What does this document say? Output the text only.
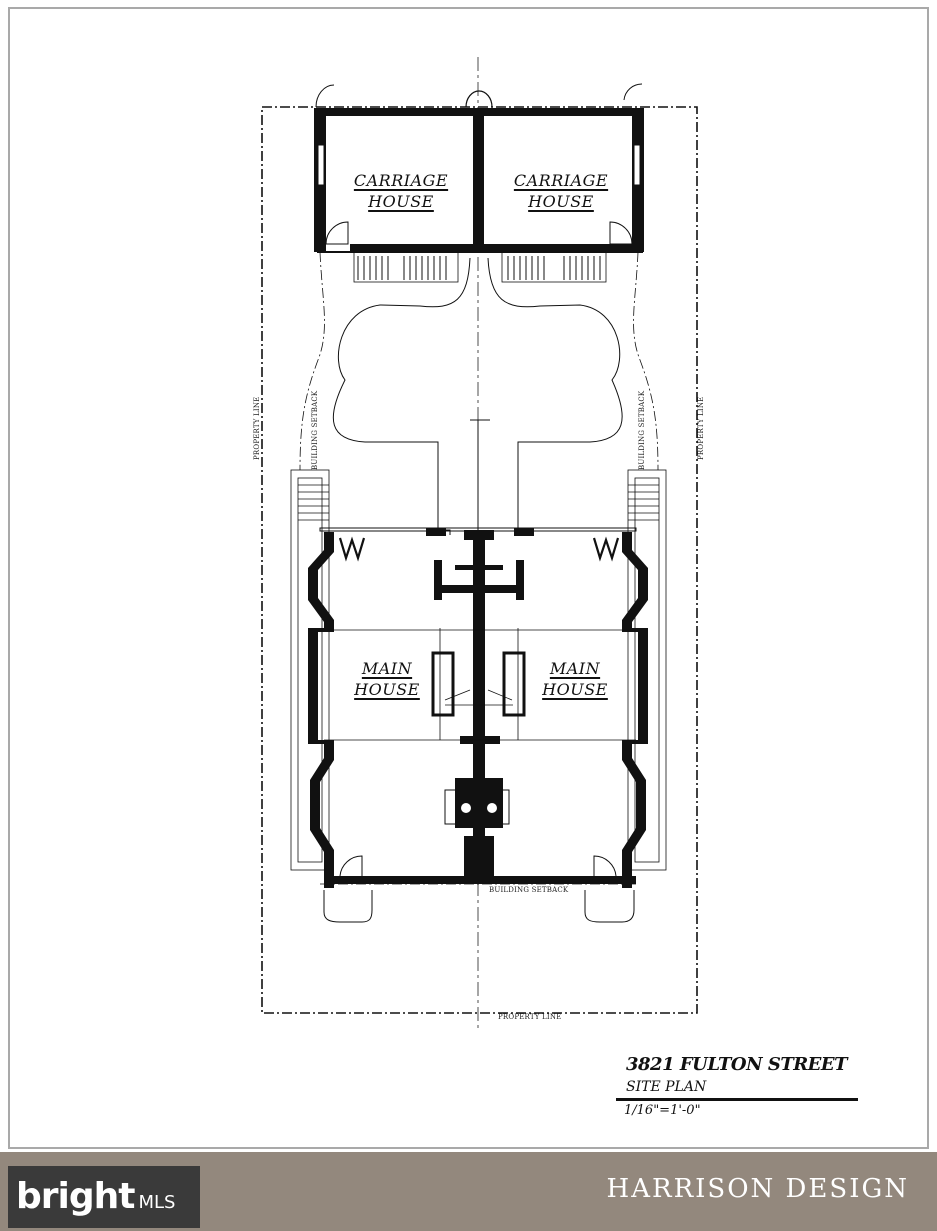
CARRIAGE
HOUSE
CARRIAGE
HOUSE
MAIN
HOUSE
MAIN
HOUSE
PROPERTY LINE	PROPERTY LINE
BUILDING SETBACK	BUILDING SETBACK
BUILDING SETBACK
PROPERTY LINE
3821 FULTON STREET
SITE PLAN
1/16"=1'-0"
bright MLS	HARRISON DESIGN
